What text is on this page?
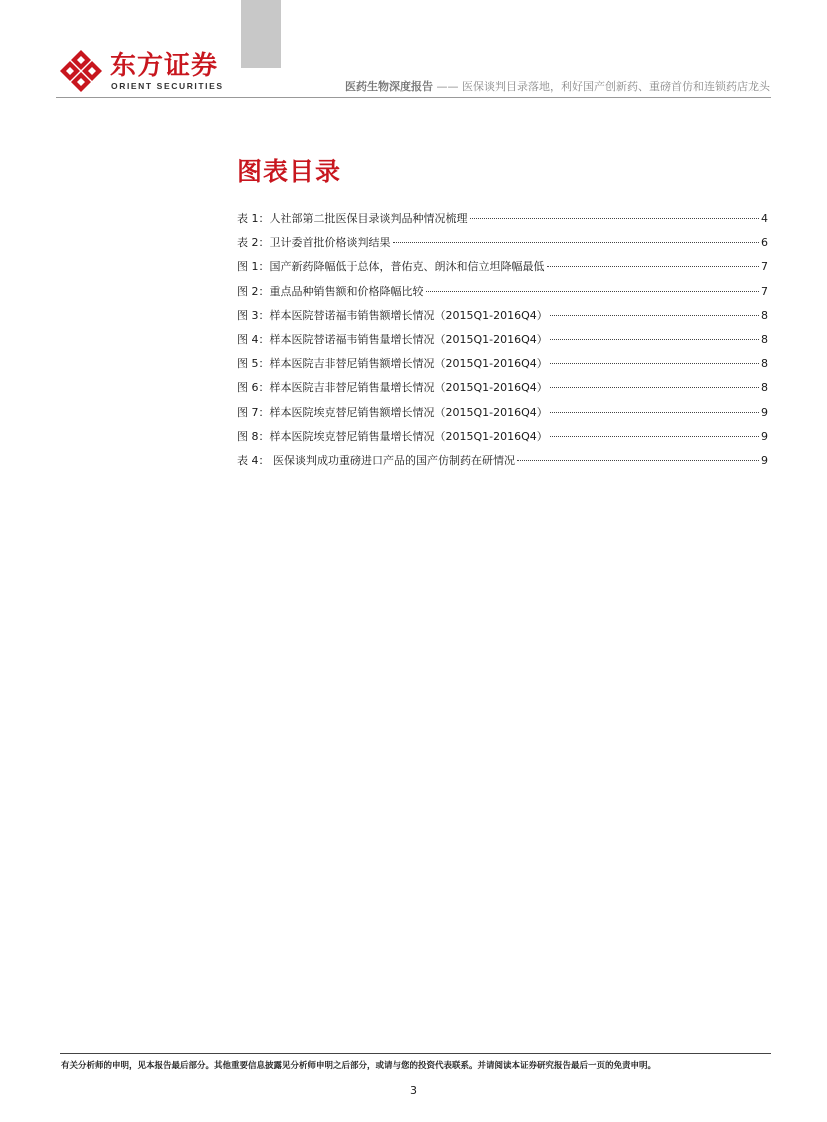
东方证券
ORIENT SECURITIES	医药生物深度报告 —— 医保谈判目录落地，利好国产创新药、重磅首仿和连锁药店龙头
图表目录
表 1：人社部第二批医保目录谈判品种情况梳理	4
表 2：卫计委首批价格谈判结果	6
图 1：国产新药降幅低于总体，普佑克、朗沐和信立坦降幅最低	7
图 2：重点品种销售额和价格降幅比较	7
图 3：样本医院替诺福韦销售额增长情况（2015Q1-2016Q4）	8
图 4：样本医院替诺福韦销售量增长情况（2015Q1-2016Q4）	8
图 5：样本医院吉非替尼销售额增长情况（2015Q1-2016Q4）	8
图 6：样本医院吉非替尼销售量增长情况（2015Q1-2016Q4）	8
图 7：样本医院埃克替尼销售额增长情况（2015Q1-2016Q4）	9
图 8：样本医院埃克替尼销售量增长情况（2015Q1-2016Q4）	9
表 4： 医保谈判成功重磅进口产品的国产仿制药在研情况	9
有关分析师的申明，见本报告最后部分。其他重要信息披露见分析师申明之后部分，或请与您的投资代表联系。并请阅读本证券研究报告最后一页的免责申明。
3
